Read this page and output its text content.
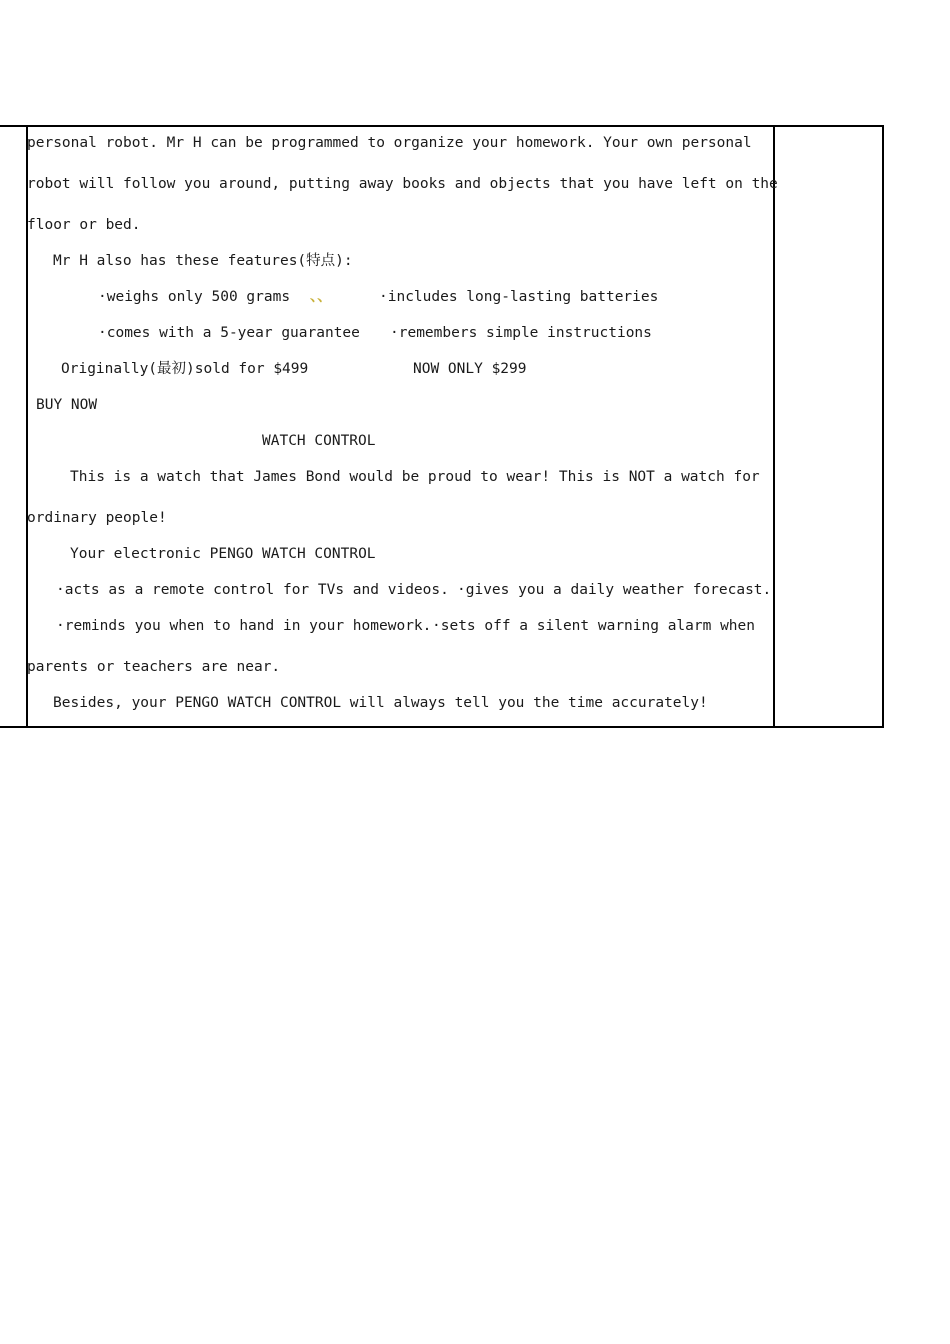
personal robot. Mr H can be programmed to organize your homework. Your own personal
robot will follow you around, putting away books and objects that you have left on the
floor or bed.
Mr H also has these features(特点):
·weighs only 500 grams 、、	·includes long-lasting batteries
·comes with a 5-year guarantee ·remembers simple instructions
Originally(最初)sold for $499	NOW ONLY $299
BUY NOW
WATCH CONTROL
This is a watch that James Bond would be proud to wear! This is NOT a watch for
ordinary people!
Your electronic PENGO WATCH CONTROL
·acts as a remote control for TVs and videos. ·gives you a daily weather forecast.
·reminds you when to hand in your homework. ·sets off a silent warning alarm when
parents or teachers are near.
Besides, your PENGO WATCH CONTROL will always tell you the time accurately!
